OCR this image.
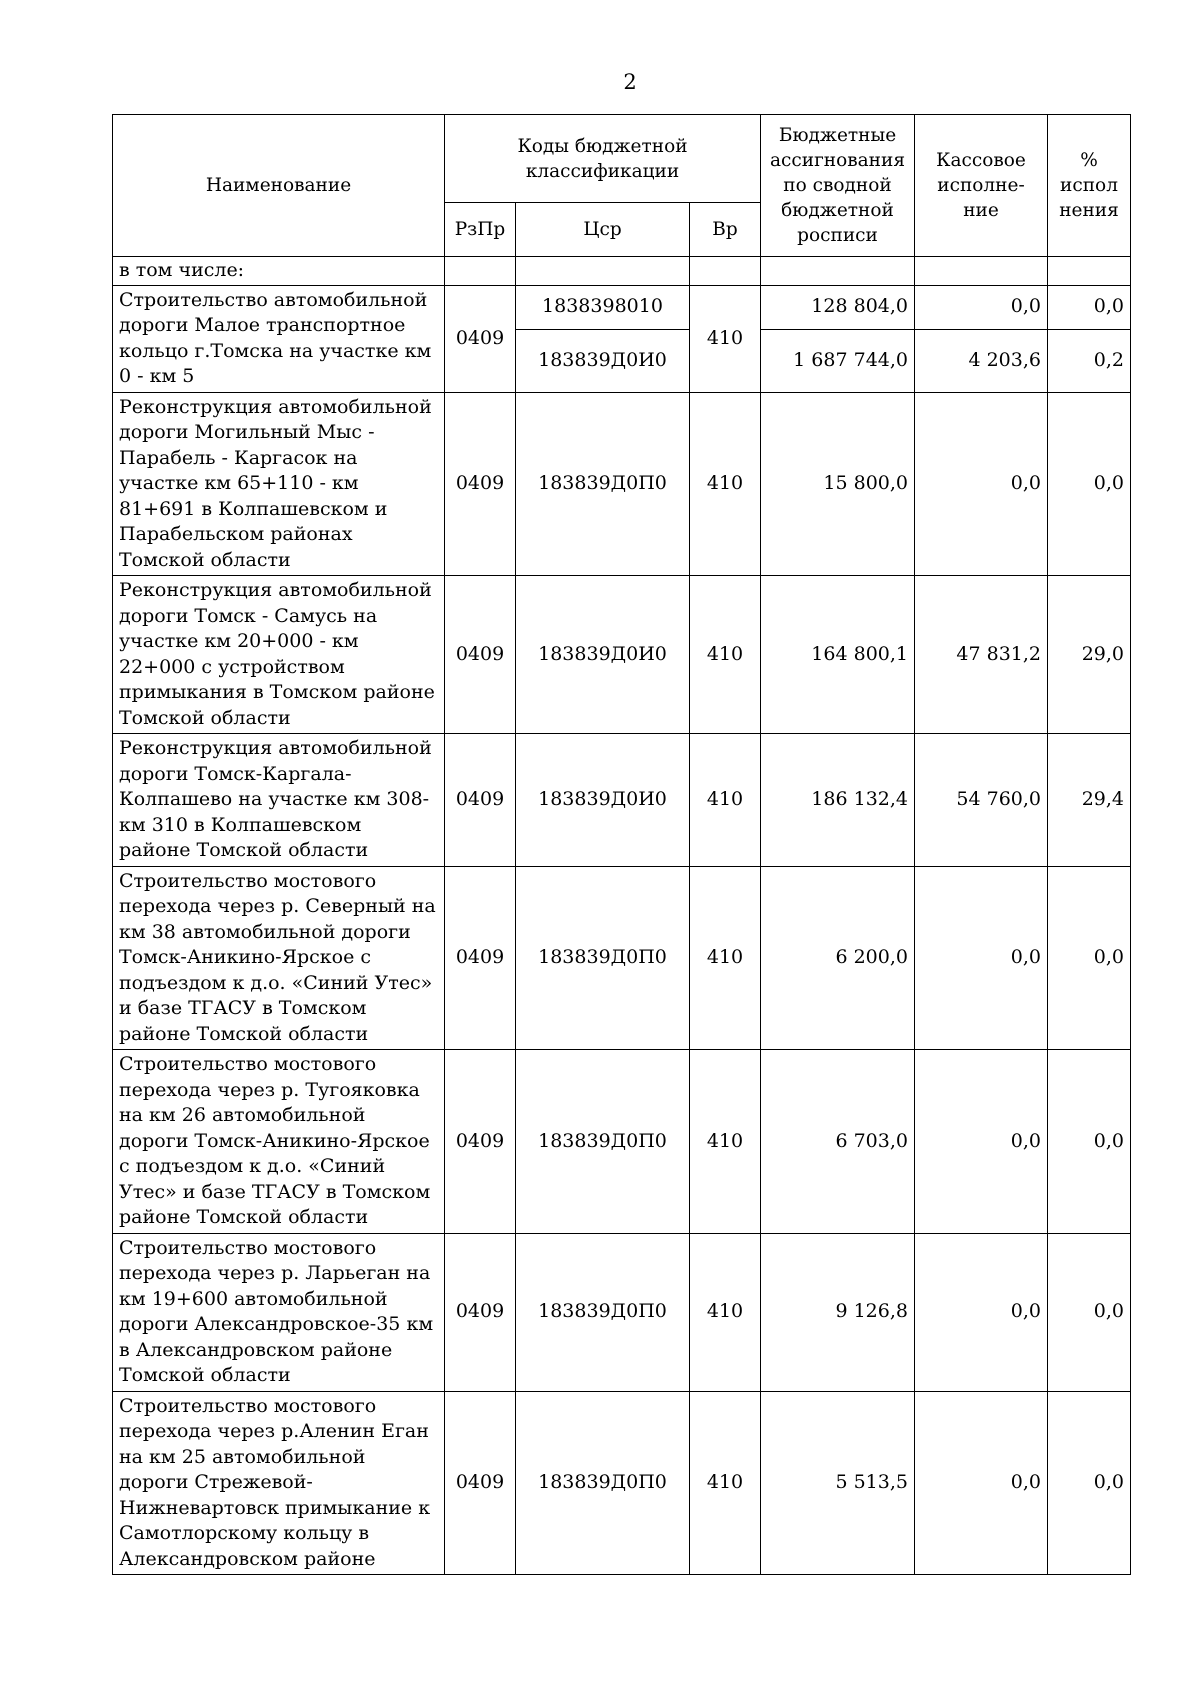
2
Наименование	Коды бюджетной классификации			Бюджетные ассигнования по сводной бюджетной росписи	Кассовое исполне-ние	% испол нения
	РзПр	Цср	Вр			
в том числе:						
Строительство автомобильной дороги Малое транспортное кольцо г.Томска на участке км 0 - км 5	0409	1838398010	410	128 804,0	0,0	0,0
		183839Д0И0		1 687 744,0	4 203,6	0,2
Реконструкция автомобильной дороги Могильный Мыс - Парабель - Каргасок на участке км 65+110 - км 81+691 в Колпашевском и Парабельском районах Томской области	0409	183839Д0П0	410	15 800,0	0,0	0,0
Реконструкция автомобильной дороги Томск - Самусь на участке км 20+000 - км 22+000 с устройством примыкания в Томском районе Томской области	0409	183839Д0И0	410	164 800,1	47 831,2	29,0
Реконструкция автомобильной дороги Томск-Каргала-Колпашево на участке км 308-км 310 в Колпашевском районе Томской области	0409	183839Д0И0	410	186 132,4	54 760,0	29,4
Строительство мостового перехода через р. Северный на км 38 автомобильной дороги Томск-Аникино-Ярское с подъездом к д.о. «Синий Утес» и базе ТГАСУ в Томском районе Томской области	0409	183839Д0П0	410	6 200,0	0,0	0,0
Строительство мостового перехода через р. Тугояковка на км 26 автомобильной дороги Томск-Аникино-Ярское с подъездом к д.о. «Синий Утес» и базе ТГАСУ в Томском районе Томской области	0409	183839Д0П0	410	6 703,0	0,0	0,0
Строительство мостового перехода через р. Ларьеган на км 19+600 автомобильной дороги Александровское-35 км в Александровском районе Томской области	0409	183839Д0П0	410	9 126,8	0,0	0,0
Строительство мостового перехода через р.Аленин Еган на км 25 автомобильной дороги Стрежевой-Нижневартовск примыкание к Самотлорскому кольцу в Александровском районе	0409	183839Д0П0	410	5 513,5	0,0	0,0
